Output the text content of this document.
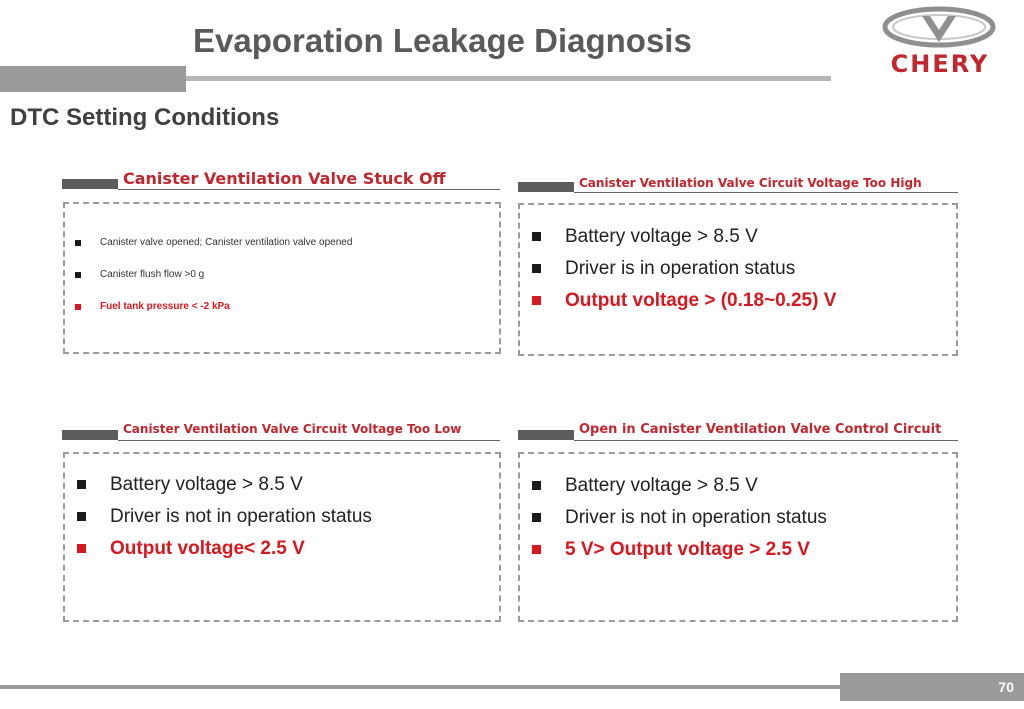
Evaporation Leakage Diagnosis
CHERY
DTC Setting Conditions
Canister Ventilation Valve Stuck Off
Canister valve opened; Canister ventilation valve opened
Canister flush flow >0 g
Fuel tank pressure < -2 kPa
Canister Ventilation Valve Circuit Voltage Too High
Battery voltage > 8.5 V
Driver is in operation status
Output voltage > (0.18~0.25) V
Canister Ventilation Valve Circuit Voltage Too Low
Battery voltage > 8.5 V
Driver is not in operation status
Output voltage< 2.5 V
Open in Canister Ventilation Valve Control Circuit
Battery voltage > 8.5 V
Driver is not in operation status
5 V> Output voltage > 2.5 V
70
